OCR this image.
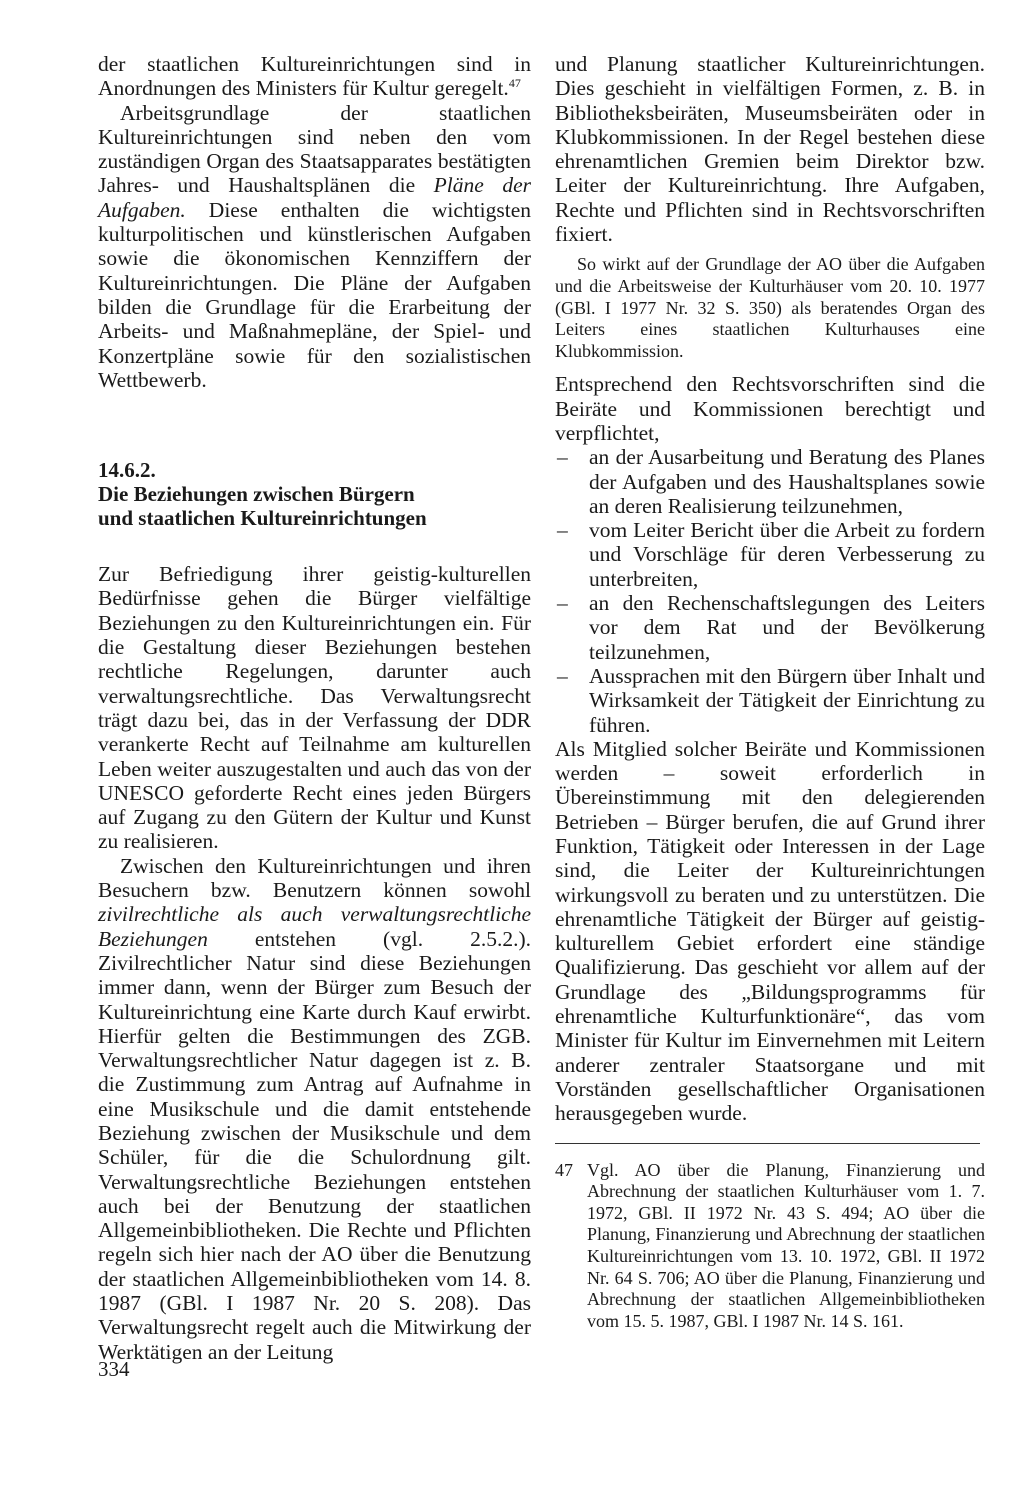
der staatlichen Kultureinrichtungen sind in Anordnungen des Ministers für Kultur geregelt.$^{47}$

Arbeitsgrundlage der staatlichen Kultureinrichtungen sind neben den vom zuständigen Organ des Staatsapparates bestätigten Jahres- und Haushaltsplänen die Pläne der Aufgaben. Diese enthalten die wichtigsten kulturpolitischen und künstlerischen Aufgaben sowie die ökonomischen Kennziffern der Kultureinrichtungen. Die Pläne der Aufgaben bilden die Grundlage für die Erarbeitung der Arbeits- und Maßnahmepläne, der Spiel- und Konzertpläne sowie für den sozialistischen Wettbewerb.

14.6.2.
Die Beziehungen zwischen Bürgern
und staatlichen Kultureinrichtungen

Zur Befriedigung ihrer geistig-kulturellen Bedürfnisse gehen die Bürger vielfältige Beziehungen zu den Kultureinrichtungen ein. Für die Gestaltung dieser Beziehungen bestehen rechtliche Regelungen, darunter auch verwaltungsrechtliche. Das Verwaltungsrecht trägt dazu bei, das in der Verfassung der DDR verankerte Recht auf Teilnahme am kulturellen Leben weiter auszugestalten und auch das von der UNESCO geforderte Recht eines jeden Bürgers auf Zugang zu den Gütern der Kultur und Kunst zu realisieren.

Zwischen den Kultureinrichtungen und ihren Besuchern bzw. Benutzern können sowohl zivilrechtliche als auch verwaltungsrechtliche Beziehungen entstehen (vgl. 2.5.2.). Zivilrechtlicher Natur sind diese Beziehungen immer dann, wenn der Bürger zum Besuch der Kultureinrichtung eine Karte durch Kauf erwirbt. Hierfür gelten die Bestimmungen des ZGB. Verwaltungsrechtlicher Natur dagegen ist z. B. die Zustimmung zum Antrag auf Aufnahme in eine Musikschule und die damit entstehende Beziehung zwischen der Musikschule und dem Schüler, für die die Schulordnung gilt. Verwaltungsrechtliche Beziehungen entstehen auch bei der Benutzung der staatlichen Allgemeinbibliotheken. Die Rechte und Pflichten regeln sich hier nach der AO über die Benutzung der staatlichen Allgemeinbibliotheken vom 14. 8. 1987 (GBl. I 1987 Nr. 20 S. 208). Das Verwaltungsrecht regelt auch die Mitwirkung der Werktätigen an der Leitung

und Planung staatlicher Kultureinrichtungen. Dies geschieht in vielfältigen Formen, z. B. in Bibliotheksbeiräten, Museumsbeiräten oder in Klubkommissionen. In der Regel bestehen diese ehrenamtlichen Gremien beim Direktor bzw. Leiter der Kultureinrichtung. Ihre Aufgaben, Rechte und Pflichten sind in Rechtsvorschriften fixiert.

So wirkt auf der Grundlage der AO über die Aufgaben und die Arbeitsweise der Kulturhäuser vom 20. 10. 1977 (GBl. I 1977 Nr. 32 S. 350) als beratendes Organ des Leiters eines staatlichen Kulturhauses eine Klubkommission.

Entsprechend den Rechtsvorschriften sind die Beiräte und Kommissionen berechtigt und verpflichtet,

– an der Ausarbeitung und Beratung des Planes der Aufgaben und des Haushaltsplanes sowie an deren Realisierung teilzunehmen,
– vom Leiter Bericht über die Arbeit zu fordern und Vorschläge für deren Verbesserung zu unterbreiten,
– an den Rechenschaftslegungen des Leiters vor dem Rat und der Bevölkerung teilzunehmen,
– Aussprachen mit den Bürgern über Inhalt und Wirksamkeit der Tätigkeit der Einrichtung zu führen.

Als Mitglied solcher Beiräte und Kommissionen werden – soweit erforderlich in Übereinstimmung mit den delegierenden Betrieben – Bürger berufen, die auf Grund ihrer Funktion, Tätigkeit oder Interessen in der Lage sind, die Leiter der Kultureinrichtungen wirkungsvoll zu beraten und zu unterstützen. Die ehrenamtliche Tätigkeit der Bürger auf geistig-kulturellem Gebiet erfordert eine ständige Qualifizierung. Das geschieht vor allem auf der Grundlage des „Bildungsprogramms für ehrenamtliche Kulturfunktionäre“, das vom Minister für Kultur im Einvernehmen mit Leitern anderer zentraler Staatsorgane und mit Vorständen gesellschaftlicher Organisationen herausgegeben wurde.

47 Vgl. AO über die Planung, Finanzierung und Abrechnung der staatlichen Kulturhäuser vom 1. 7. 1972, GBl. II 1972 Nr. 43 S. 494; AO über die Planung, Finanzierung und Abrechnung der staatlichen Kultureinrichtungen vom 13. 10. 1972, GBl. II 1972 Nr. 64 S. 706; AO über die Planung, Finanzierung und Abrechnung der staatlichen Allgemeinbibliotheken vom 15. 5. 1987, GBl. I 1987 Nr. 14 S. 161.
334
